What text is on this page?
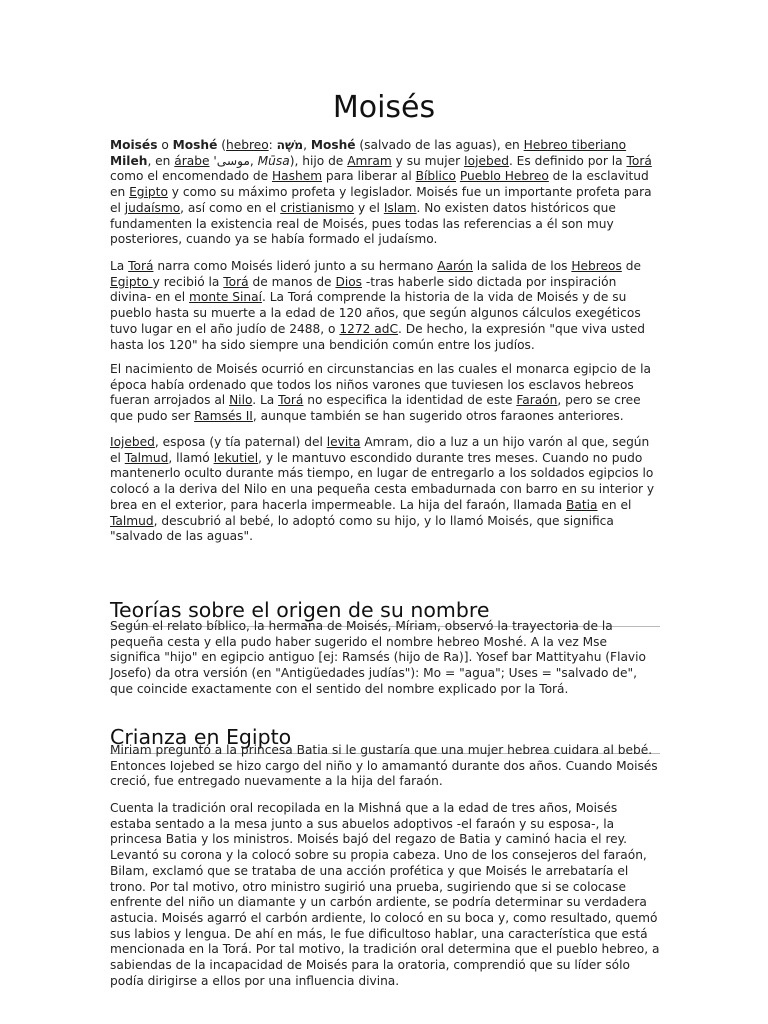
Moisés

Moisés o Moshé (hebreo: מֹשֶׁה, Moshé (salvado de las aguas), en Hebreo tiberiano Mileh, en árabe 'موسى, Mūsa), hijo de Amram y su mujer Iojebed. Es definido por la Torá como el encomendado de Hashem para liberar al Bíblico Pueblo Hebreo de la esclavitud en Egipto y como su máximo profeta y legislador. Moisés fue un importante profeta para el judaísmo, así como en el cristianismo y el Islam. No existen datos históricos que fundamenten la existencia real de Moisés, pues todas las referencias a él son muy posteriores, cuando ya se había formado el judaísmo.

La Torá narra como Moisés lideró junto a su hermano Aarón la salida de los Hebreos de Egipto y recibió la Torá de manos de Dios -tras haberle sido dictada por inspiración divina- en el monte Sinaí. La Torá comprende la historia de la vida de Moisés y de su pueblo hasta su muerte a la edad de 120 años, que según algunos cálculos exegéticos tuvo lugar en el año judío de 2488, o 1272 adC. De hecho, la expresión "que viva usted hasta los 120" ha sido siempre una bendición común entre los judíos.

El nacimiento de Moisés ocurrió en circunstancias en las cuales el monarca egipcio de la época había ordenado que todos los niños varones que tuviesen los esclavos hebreos fueran arrojados al Nilo. La Torá no especifica la identidad de este Faraón, pero se cree que pudo ser Ramsés II, aunque también se han sugerido otros faraones anteriores.

Iojebed, esposa (y tía paternal) del levita Amram, dio a luz a un hijo varón al que, según el Talmud, llamó Iekutiel, y le mantuvo escondido durante tres meses. Cuando no pudo mantenerlo oculto durante más tiempo, en lugar de entregarlo a los soldados egipcios lo colocó a la deriva del Nilo en una pequeña cesta embadurnada con barro en su interior y brea en el exterior, para hacerla impermeable. La hija del faraón, llamada Batia en el Talmud, descubrió al bebé, lo adoptó como su hijo, y lo llamó Moisés, que significa "salvado de las aguas".

Teorías sobre el origen de su nombre

Según el relato bíblico, la hermana de Moisés, Míriam, observó la trayectoria de la pequeña cesta y ella pudo haber sugerido el nombre hebreo Moshé. A la vez Mse significa "hijo" en egipcio antiguo [ej: Ramsés (hijo de Ra)]. Yosef bar Mattityahu (Flavio Josefo) da otra versión (en "Antigüedades judías"): Mo = "agua"; Uses = "salvado de", que coincide exactamente con el sentido del nombre explicado por la Torá.

Crianza en Egipto

Miriam preguntó a la princesa Batia si le gustaría que una mujer hebrea cuidara al bebé. Entonces Iojebed se hizo cargo del niño y lo amamantó durante dos años. Cuando Moisés creció, fue entregado nuevamente a la hija del faraón.

Cuenta la tradición oral recopilada en la Mishná que a la edad de tres años, Moisés estaba sentado a la mesa junto a sus abuelos adoptivos -el faraón y su esposa-, la princesa Batia y los ministros. Moisés bajó del regazo de Batia y caminó hacia el rey. Levantó su corona y la colocó sobre su propia cabeza. Uno de los consejeros del faraón, Bilam, exclamó que se trataba de una acción profética y que Moisés le arrebataría el trono. Por tal motivo, otro ministro sugirió una prueba, sugiriendo que si se colocase enfrente del niño un diamante y un carbón ardiente, se podría determinar su verdadera astucia. Moisés agarró el carbón ardiente, lo colocó en su boca y, como resultado, quemó sus labios y lengua. De ahí en más, le fue dificultoso hablar, una característica que está mencionada en la Torá. Por tal motivo, la tradición oral determina que el pueblo hebreo, a sabiendas de la incapacidad de Moisés para la oratoria, comprendió que su líder sólo podía dirigirse a ellos por una influencia divina.
